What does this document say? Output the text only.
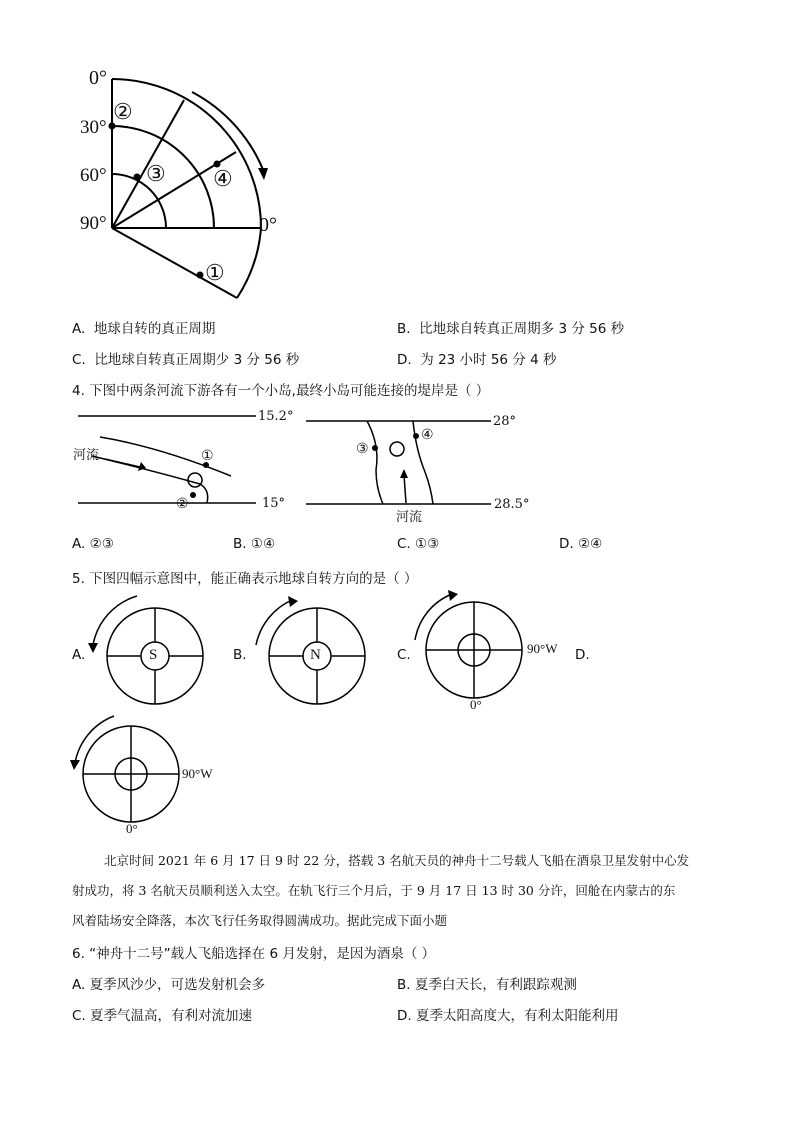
0°
30°
60°
90°	0°
②
③ ④
①
A. 地球自转的真正周期	B. 比地球自转真正周期多 3 分 56 秒
C. 比地球自转真正周期少 3 分 56 秒	D. 为 23 小时 56 分 4 秒
4. 下图中两条河流下游各有一个小岛,最终小岛可能连接的堤岸是（ ）
15.2°
15°
河流	①
②
28°
28.5°
河流
③
④
A. ②③	B. ①④	C. ①③	D. ②④
5. 下图四幅示意图中，能正确表示地球自转方向的是（ ）
A.	S	B.	N	C.	90°W
0°
D.
90°W
0°
北京时间 2021 年 6 月 17 日 9 时 22 分，搭载 3 名航天员的神舟十二号载人飞船在酒泉卫星发射中心发
射成功，将 3 名航天员顺利送入太空。在轨飞行三个月后，于 9 月 17 日 13 时 30 分许，回舱在内蒙古的东
风着陆场安全降落，本次飞行任务取得圆满成功。据此完成下面小题
6. “神舟十二号”载人飞船选择在 6 月发射，是因为酒泉（ ）
A. 夏季风沙少，可选发射机会多	B. 夏季白天长，有利跟踪观测
C. 夏季气温高，有利对流加速	D. 夏季太阳高度大，有利太阳能利用
